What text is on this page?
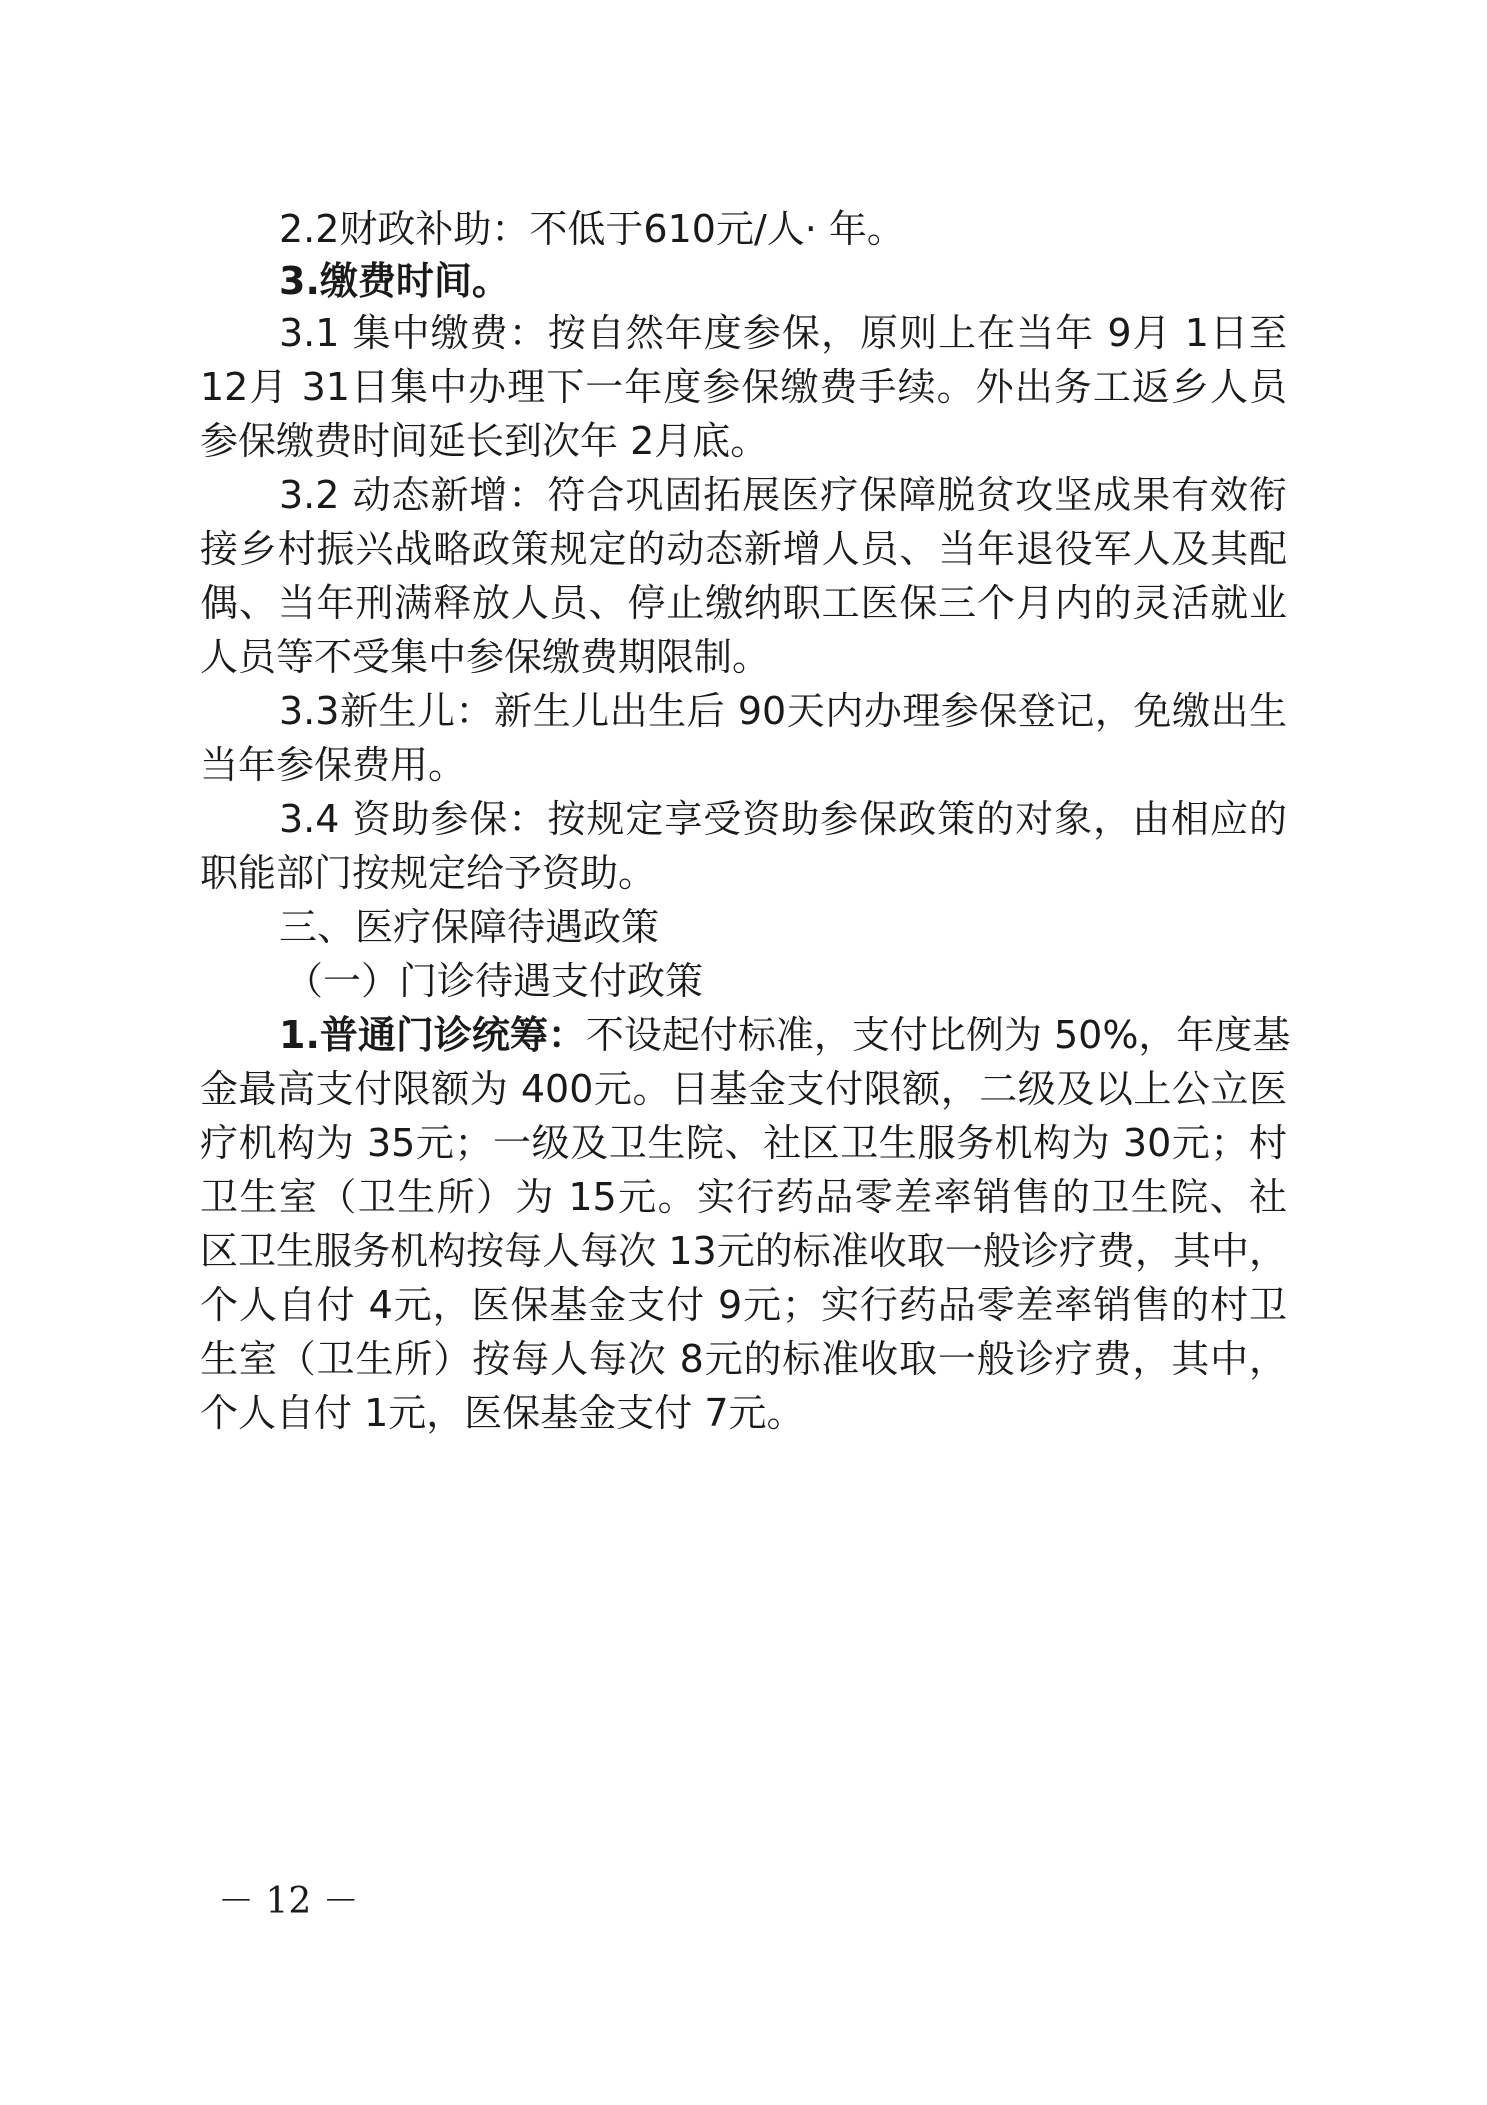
2.2财政补助：不低于610元/人· 年。
3.缴费时间。
3.1 集中缴费：按自然年度参保，原则上在当年 9月 1日至
12月 31日集中办理下一年度参保缴费手续。外出务工返乡人员
参保缴费时间延长到次年 2月底。
3.2 动态新增：符合巩固拓展医疗保障脱贫攻坚成果有效衔
接乡村振兴战略政策规定的动态新增人员、当年退役军人及其配
偶、当年刑满释放人员、停止缴纳职工医保三个月内的灵活就业
人员等不受集中参保缴费期限制。
3.3新生儿：新生儿出生后 90天内办理参保登记，免缴出生
当年参保费用。
3.4 资助参保：按规定享受资助参保政策的对象，由相应的
职能部门按规定给予资助。
三、医疗保障待遇政策
（一）门诊待遇支付政策
1.普通门诊统筹：不设起付标准，支付比例为 50%，年度基
金最高支付限额为 400元。日基金支付限额，二级及以上公立医
疗机构为 35元；一级及卫生院、社区卫生服务机构为 30元；村
卫生室（卫生所）为 15元。实行药品零差率销售的卫生院、社
区卫生服务机构按每人每次 13元的标准收取一般诊疗费，其中，
个人自付 4元，医保基金支付 9元；实行药品零差率销售的村卫
生室（卫生所）按每人每次 8元的标准收取一般诊疗费，其中，
个人自付 1元，医保基金支付 7元。
－ 12 －
